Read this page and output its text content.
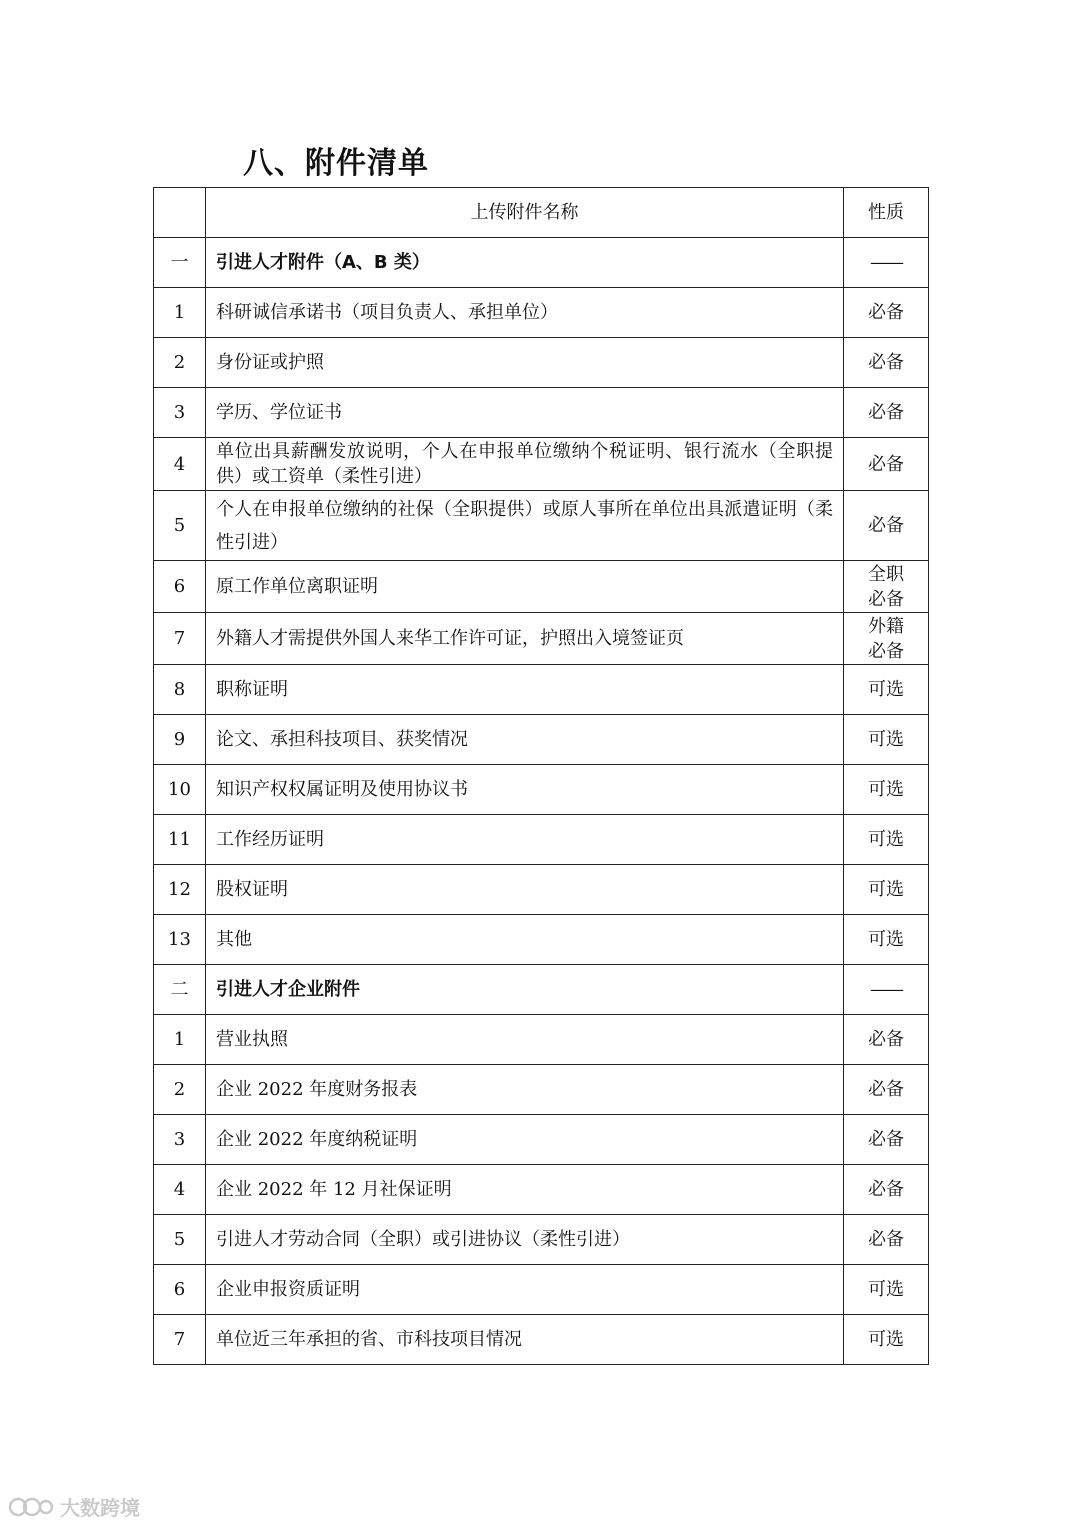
八、附件清单
	上传附件名称	性质
一	引进人才附件（A、B 类）	——
1	科研诚信承诺书（项目负责人、承担单位）	必备
2	身份证或护照	必备
3	学历、学位证书	必备
4	单位出具薪酬发放说明，个人在申报单位缴纳个税证明、银行流水（全职提供）或工资单（柔性引进）	必备
5	个人在申报单位缴纳的社保（全职提供）或原人事所在单位出具派遣证明（柔性引进）	必备
6	原工作单位离职证明	全职必备
7	外籍人才需提供外国人来华工作许可证，护照出入境签证页	外籍必备
8	职称证明	可选
9	论文、承担科技项目、获奖情况	可选
10	知识产权权属证明及使用协议书	可选
11	工作经历证明	可选
12	股权证明	可选
13	其他	可选
二	引进人才企业附件	——
1	营业执照	必备
2	企业 2022 年度财务报表	必备
3	企业 2022 年度纳税证明	必备
4	企业 2022 年 12 月社保证明	必备
5	引进人才劳动合同（全职）或引进协议（柔性引进）	必备
6	企业申报资质证明	可选
7	单位近三年承担的省、市科技项目情况	可选
大数跨境
